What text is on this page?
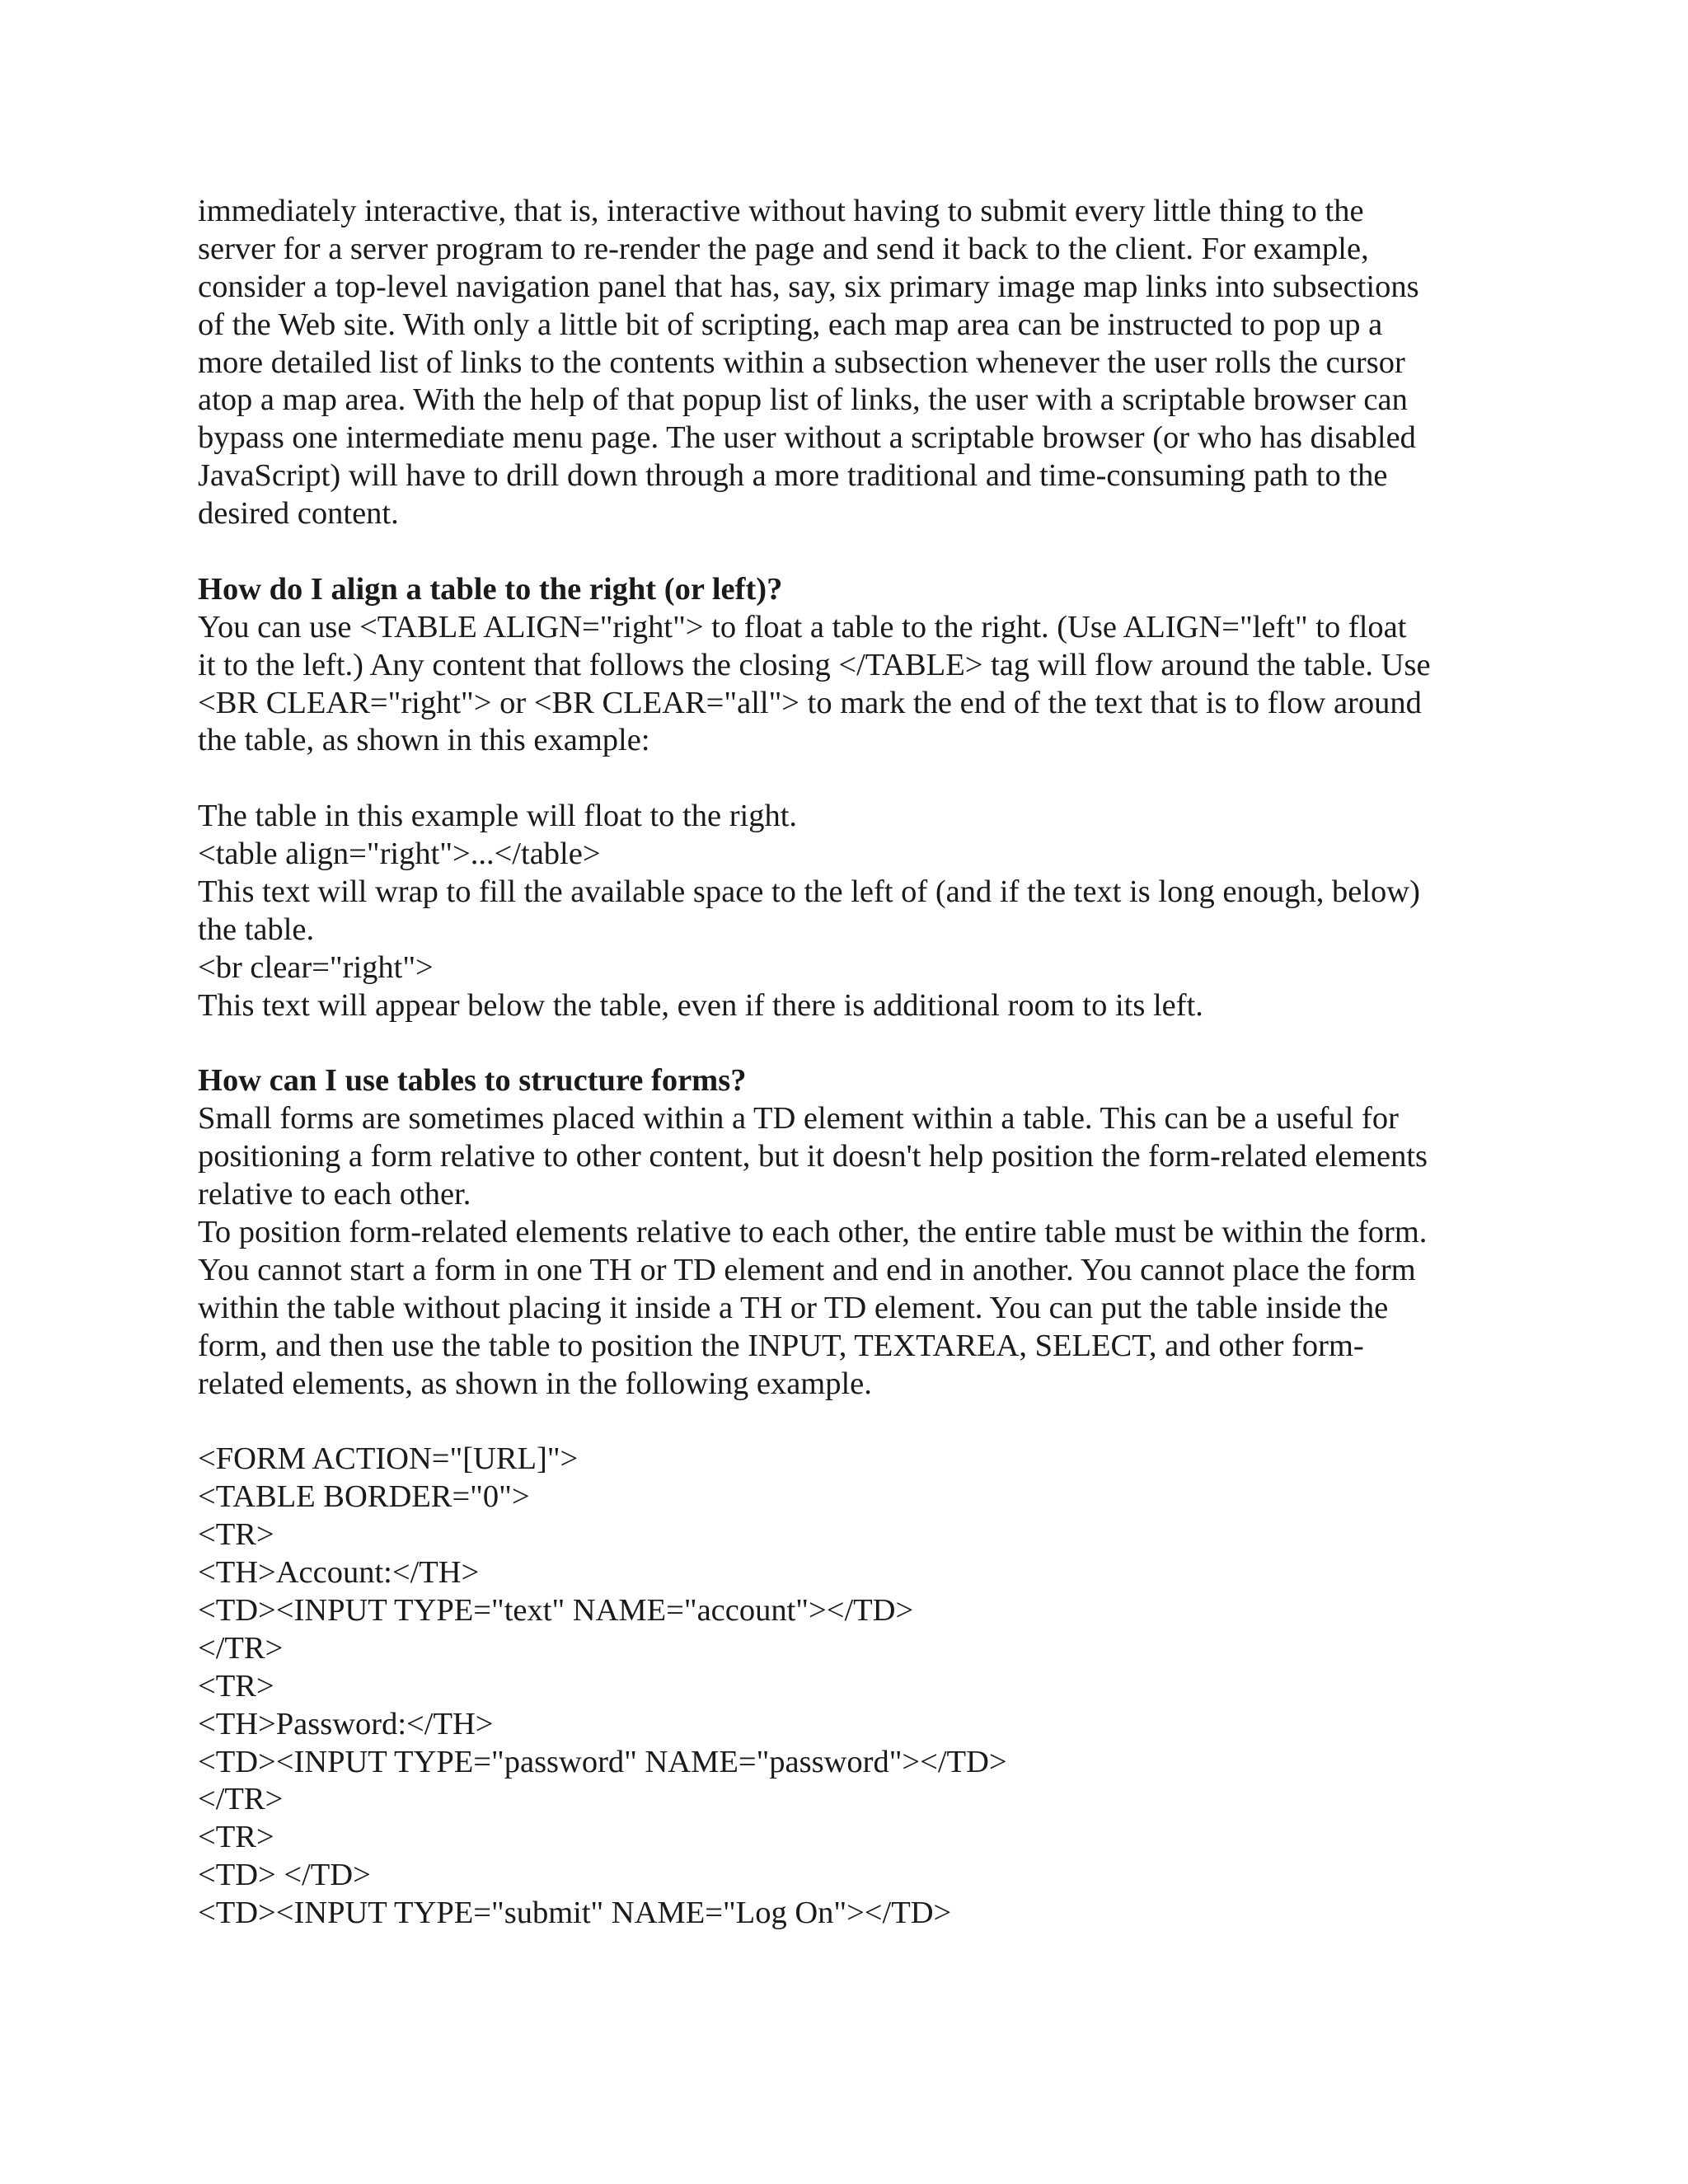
immediately interactive, that is, interactive without having to submit every little thing to the
server for a server program to re-render the page and send it back to the client. For example,
consider a top-level navigation panel that has, say, six primary image map links into subsections
of the Web site. With only a little bit of scripting, each map area can be instructed to pop up a
more detailed list of links to the contents within a subsection whenever the user rolls the cursor
atop a map area. With the help of that popup list of links, the user with a scriptable browser can
bypass one intermediate menu page. The user without a scriptable browser (or who has disabled
JavaScript) will have to drill down through a more traditional and time-consuming path to the
desired content.
How do I align a table to the right (or left)?
You can use <TABLE ALIGN="right"> to float a table to the right. (Use ALIGN="left" to float
it to the left.) Any content that follows the closing </TABLE> tag will flow around the table. Use
<BR CLEAR="right"> or <BR CLEAR="all"> to mark the end of the text that is to flow around
the table, as shown in this example:
The table in this example will float to the right.
<table align="right">...</table>
This text will wrap to fill the available space to the left of (and if the text is long enough, below)
the table.
<br clear="right">
This text will appear below the table, even if there is additional room to its left.
How can I use tables to structure forms?
Small forms are sometimes placed within a TD element within a table. This can be a useful for
positioning a form relative to other content, but it doesn't help position the form-related elements
relative to each other.
To position form-related elements relative to each other, the entire table must be within the form.
You cannot start a form in one TH or TD element and end in another. You cannot place the form
within the table without placing it inside a TH or TD element. You can put the table inside the
form, and then use the table to position the INPUT, TEXTAREA, SELECT, and other form-
related elements, as shown in the following example.
<FORM ACTION="[URL]">
<TABLE BORDER="0">
<TR>
<TH>Account:</TH>
<TD><INPUT TYPE="text" NAME="account"></TD>
</TR>
<TR>
<TH>Password:</TH>
<TD><INPUT TYPE="password" NAME="password"></TD>
</TR>
<TR>
<TD> </TD>
<TD><INPUT TYPE="submit" NAME="Log On"></TD>
